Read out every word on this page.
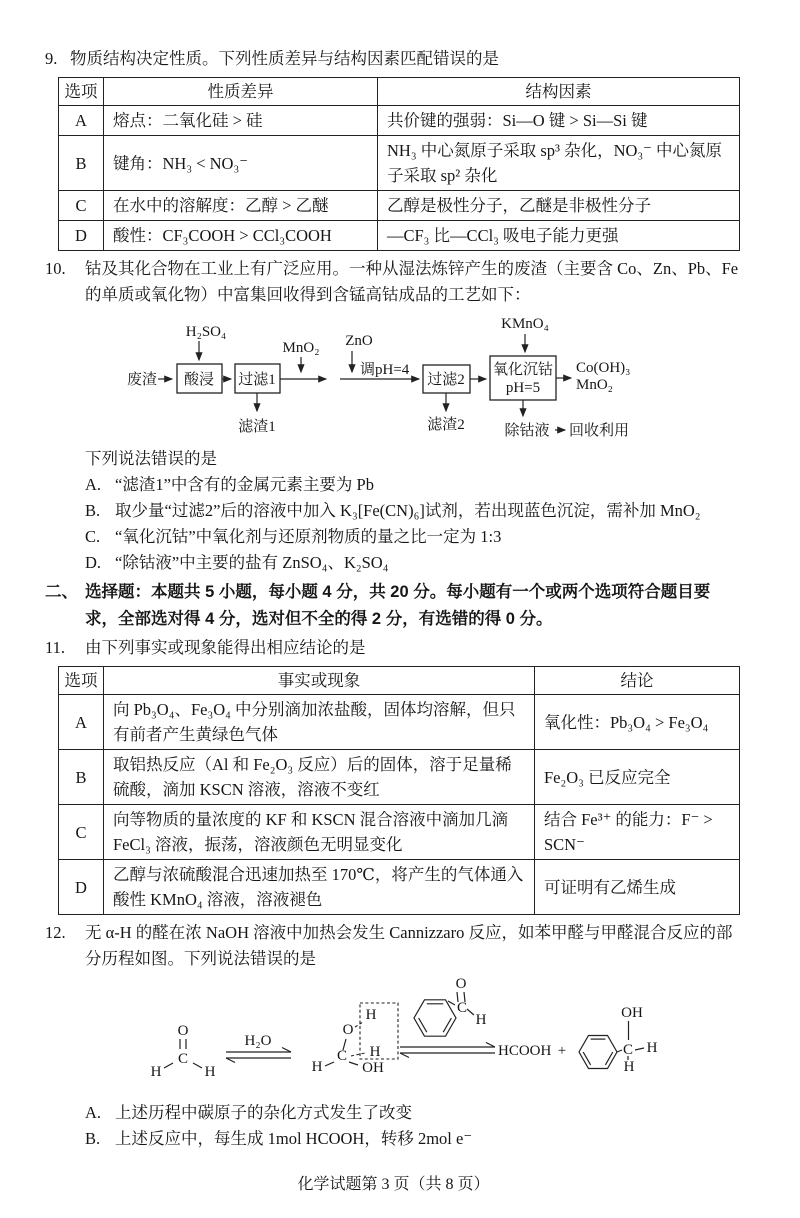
9. 物质结构决定性质。下列性质差异与结构因素匹配错误的是
选项	性质差异	结构因素
A	熔点：二氧化硅 > 硅	共价键的强弱：Si—O 键 > Si—Si 键
B	键角：NH₃ < NO₃⁻	NH₃ 中心氮原子采取 sp³ 杂化，NO₃⁻ 中心氮原子采取 sp² 杂化
C	在水中的溶解度：乙醇 > 乙醚	乙醇是极性分子，乙醚是非极性分子
D	酸性：CF₃COOH > CCl₃COOH	—CF₃ 比—CCl₃ 吸电子能力更强
10.	钴及其化合物在工业上有广泛应用。一种从湿法炼锌产生的废渣（主要含 Co、Zn、Pb、Fe 的单质或氧化物）中富集回收得到含锰高钴成品的工艺如下：
废渣
H₂SO₄
酸浸 过滤1
MnO₂ ZnO
调pH=4
过滤2
KMnO₄
氧化沉钴
pH=5
Co(OH)₃
MnO₂
滤渣1	滤渣2	除钴液 回收利用
下列说法错误的是
A. “滤渣1”中含有的金属元素主要为 Pb
B. 取少量“过滤2”后的溶液中加入 K₃[Fe(CN)₆]试剂，若出现蓝色沉淀，需补加 MnO₂
C. “氧化沉钴”中氧化剂与还原剂物质的量之比一定为 1:3
D. “除钴液”中主要的盐有 ZnSO₄、K₂SO₄
二、 选择题：本题共 5 小题，每小题 4 分，共 20 分。每小题有一个或两个选项符合题目要求，全部选对得 4 分，选对但不全的得 2 分，有选错的得 0 分。
11.	由下列事实或现象能得出相应结论的是
选项	事实或现象	结论
A	向 Pb₃O₄、Fe₃O₄ 中分别滴加浓盐酸，固体均溶解，但只有前者产生黄绿色气体	氧化性：Pb₃O₄ > Fe₃O₄
B	取铝热反应（Al 和 Fe₂O₃ 反应）后的固体，溶于足量稀硫酸，滴加 KSCN 溶液，溶液不变红	Fe₂O₃ 已反应完全
C	向等物质的量浓度的 KF 和 KSCN 混合溶液中滴加几滴 FeCl₃ 溶液，振荡，溶液颜色无明显变化	结合 Fe³⁺ 的能力：F⁻ > SCN⁻
D	乙醇与浓硫酸混合迅速加热至 170℃，将产生的气体通入酸性 KMnO₄ 溶液，溶液褪色	可证明有乙烯生成
12.	无 α-H 的醛在浓 NaOH 溶液中加热会发生 Cannizzaro 反应，如苯甲醛与甲醛混合反应的部分历程如图。下列说法错误的是
O
C
H	H
H₂O
H
C
O
H
H
OH
C
O
H
HCOOH +	C
OH
H
H
A. 上述历程中碳原子的杂化方式发生了改变
B. 上述反应中，每生成 1mol HCOOH，转移 2mol e⁻
化学试题第 3 页（共 8 页）
